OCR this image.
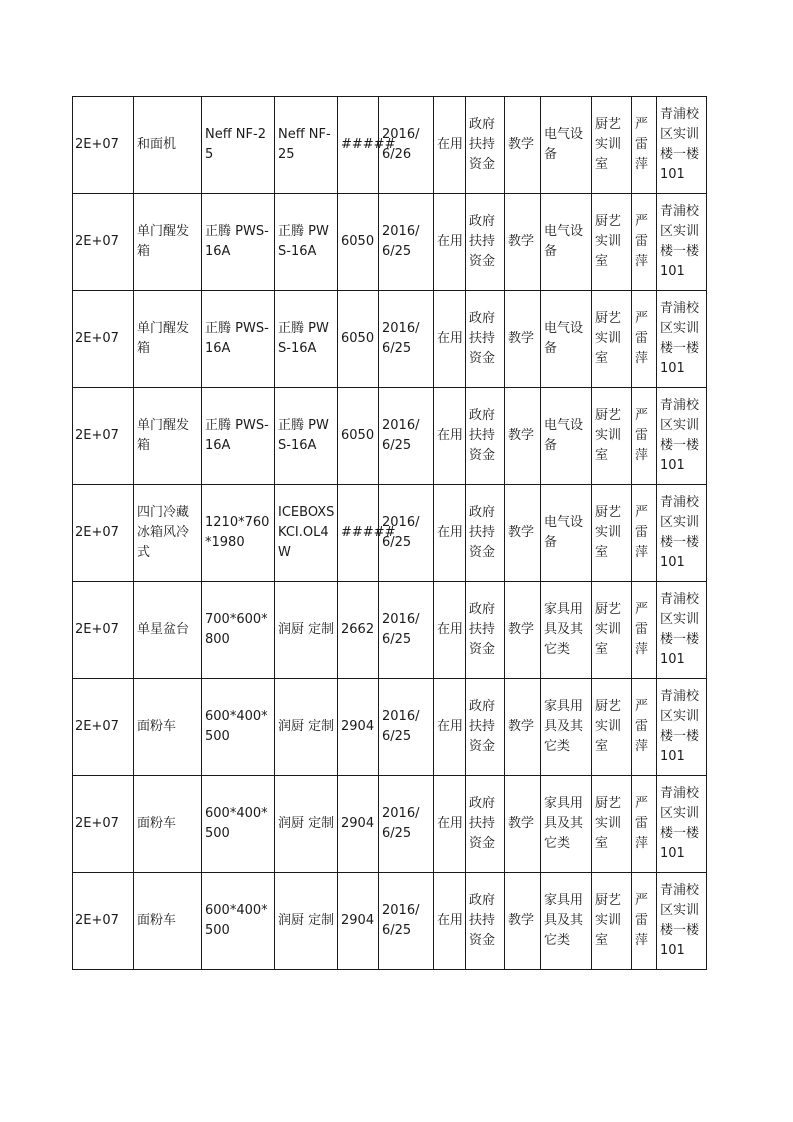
2E+07	和面机	Neff NF-25	Neff NF-25	#####	2016/6/26	在用	政府扶持资金	教学	电气设备	厨艺实训室	严雷萍	青浦校区实训楼一楼101
2E+07	单门醒发箱	正腾 PWS-16A	正腾 PWS-16A	6050	2016/6/25	在用	政府扶持资金	教学	电气设备	厨艺实训室	严雷萍	青浦校区实训楼一楼101
2E+07	单门醒发箱	正腾 PWS-16A	正腾 PWS-16A	6050	2016/6/25	在用	政府扶持资金	教学	电气设备	厨艺实训室	严雷萍	青浦校区实训楼一楼101
2E+07	单门醒发箱	正腾 PWS-16A	正腾 PWS-16A	6050	2016/6/25	在用	政府扶持资金	教学	电气设备	厨艺实训室	严雷萍	青浦校区实训楼一楼101
2E+07	四门冷藏冰箱风冷式	1210*760*1980	ICEBOXS KCI.OL4W	#####	2016/6/25	在用	政府扶持资金	教学	电气设备	厨艺实训室	严雷萍	青浦校区实训楼一楼101
2E+07	单星盆台	700*600*800	润厨 定制	2662	2016/6/25	在用	政府扶持资金	教学	家具用具及其它类	厨艺实训室	严雷萍	青浦校区实训楼一楼101
2E+07	面粉车	600*400*500	润厨 定制	2904	2016/6/25	在用	政府扶持资金	教学	家具用具及其它类	厨艺实训室	严雷萍	青浦校区实训楼一楼101
2E+07	面粉车	600*400*500	润厨 定制	2904	2016/6/25	在用	政府扶持资金	教学	家具用具及其它类	厨艺实训室	严雷萍	青浦校区实训楼一楼101
2E+07	面粉车	600*400*500	润厨 定制	2904	2016/6/25	在用	政府扶持资金	教学	家具用具及其它类	厨艺实训室	严雷萍	青浦校区实训楼一楼101
